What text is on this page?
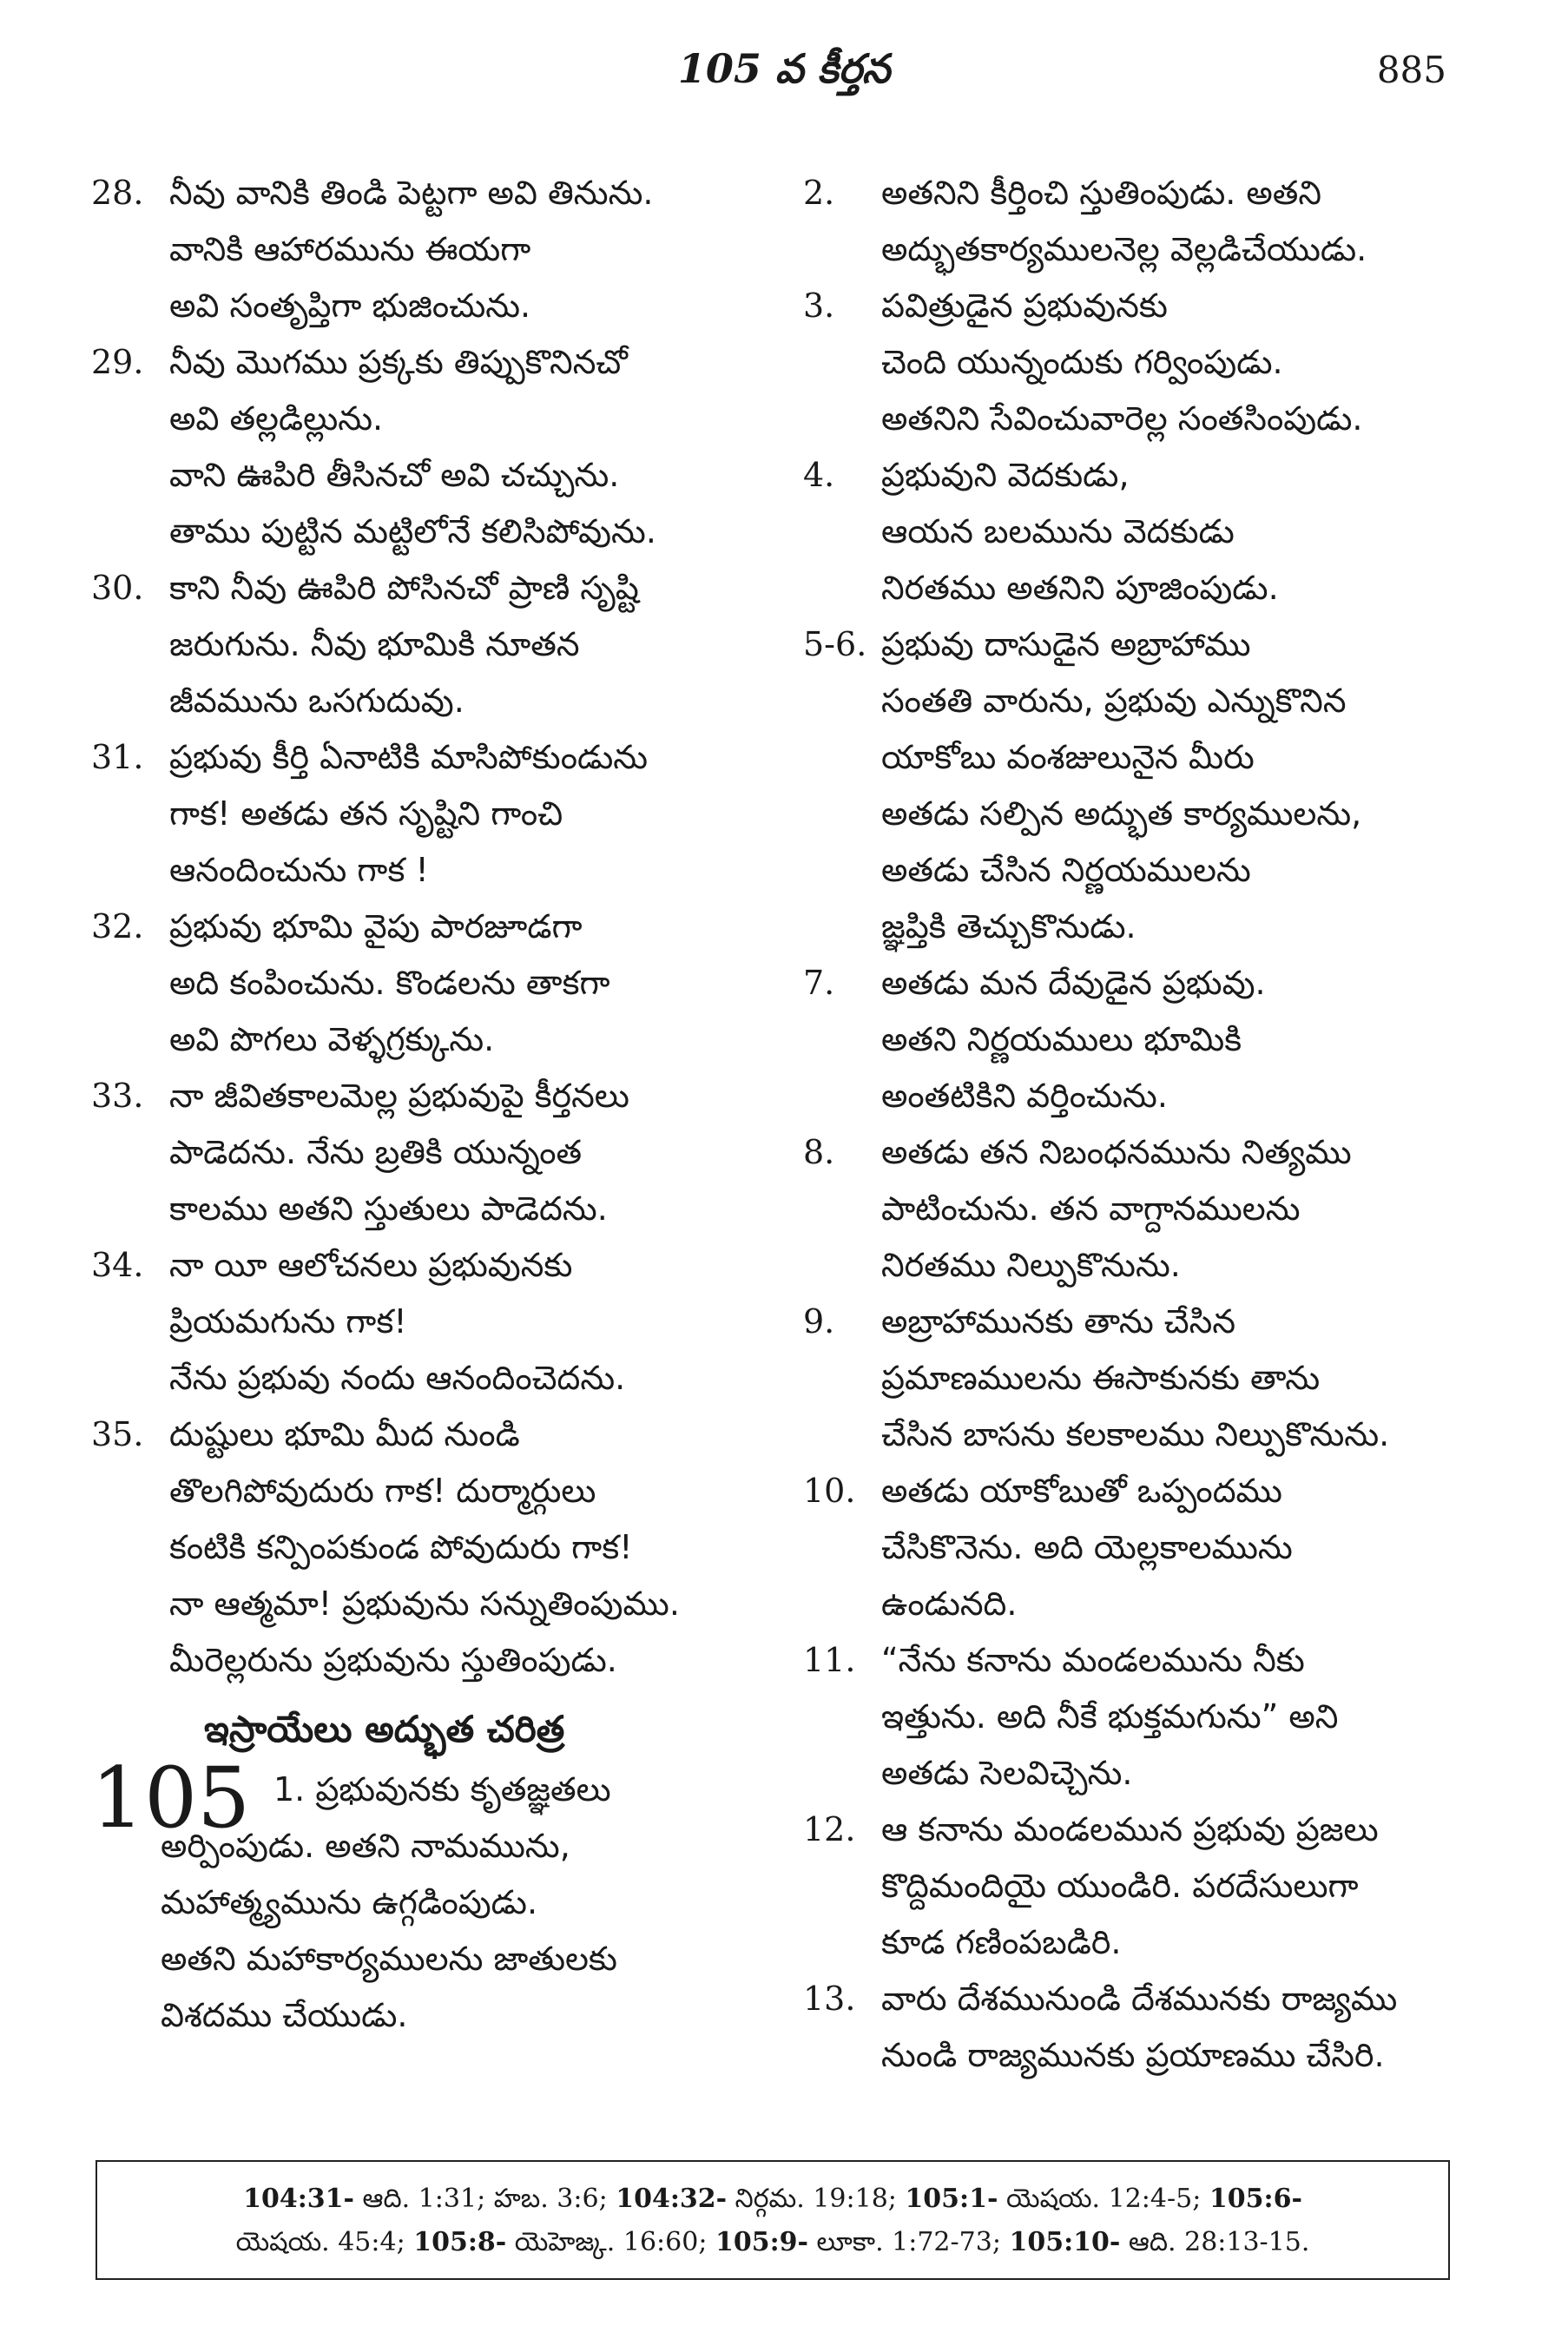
105 వ కీర్తన	885
28. నీవు వానికి తిండి పెట్టగా అవి తినును.
వానికి ఆహారమును ఈయగా
అవి సంతృప్తిగా భుజించును.
29. నీవు మొగము ప్రక్కకు తిప్పుకొనినచో
అవి తల్లడిల్లును.
వాని ఊపిరి తీసినచో అవి చచ్చును.
తాము పుట్టిన మట్టిలోనే కలిసిపోవును.
30. కాని నీవు ఊపిరి పోసినచో ప్రాణి సృష్టి
జరుగును. నీవు భూమికి నూతన
జీవమును ఒసగుదువు.
31. ప్రభువు కీర్తి ఏనాటికి మాసిపోకుండును
గాక! అతడు తన సృష్టిని గాంచి
ఆనందించును గాక !
32. ప్రభువు భూమి వైపు పారజూడగా
అది కంపించును. కొండలను తాకగా
అవి పొగలు వెళ్ళగ్రక్కును.
33. నా జీవితకాలమెల్ల ప్రభువుపై కీర్తనలు
పాడెదను. నేను బ్రతికి యున్నంత
కాలము అతని స్తుతులు పాడెదను.
34. నా యీ ఆలోచనలు ప్రభువునకు
ప్రియమగును గాక!
నేను ప్రభువు నందు ఆనందించెదను.
35. దుష్టులు భూమి మీద నుండి
తొలగిపోవుదురు గాక! దుర్మార్గులు
కంటికి కన్పింపకుండ పోవుదురు గాక!
నా ఆత్మమా! ప్రభువును సన్నుతింపుము.
మీరెల్లరును ప్రభువును స్తుతింపుడు.
ఇస్రాయేలు అద్భుత చరిత్ర
105 1. ప్రభువునకు కృతజ్ఞతలు
అర్పింపుడు. అతని నామమును,
మహాత్మ్యమును ఉగ్గడింపుడు.
అతని మహాకార్యములను జాతులకు
విశదము చేయుడు.
2. అతనిని కీర్తించి స్తుతింపుడు. అతని
అద్భుతకార్యములనెల్ల వెల్లడిచేయుడు.
3. పవిత్రుడైన ప్రభువునకు
చెంది యున్నందుకు గర్వింపుడు.
అతనిని సేవించువారెల్ల సంతసింపుడు.
4. ప్రభువుని వెదకుడు,
ఆయన బలమును వెదకుడు
నిరతము అతనిని పూజింపుడు.
5-6. ప్రభువు దాసుడైన అబ్రాహాము
సంతతి వారును, ప్రభువు ఎన్నుకొనిన
యాకోబు వంశజులునైన మీరు
అతడు సల్పిన అద్భుత కార్యములను,
అతడు చేసిన నిర్ణయములను
జ్ఞప్తికి తెచ్చుకొనుడు.
7. అతడు మన దేవుడైన ప్రభువు.
అతని నిర్ణయములు భూమికి
అంతటికిని వర్తించును.
8. అతడు తన నిబంధనమును నిత్యము
పాటించును. తన వాగ్దానములను
నిరతము నిల్పుకొనును.
9. అబ్రాహామునకు తాను చేసిన
ప్రమాణములను ఈసాకునకు తాను
చేసిన బాసను కలకాలము నిల్పుకొనును.
10. అతడు యాకోబుతో ఒప్పందము
చేసికొనెను. అది యెల్లకాలమును
ఉండునది.
11. “నేను కనాను మండలమును నీకు
ఇత్తును. అది నీకే భుక్తమగును” అని
అతడు సెలవిచ్చెను.
12. ఆ కనాను మండలమున ప్రభువు ప్రజలు
కొద్దిమందియై యుండిరి. పరదేసులుగా
కూడ గణింపబడిరి.
13. వారు దేశమునుండి దేశమునకు రాజ్యము
నుండి రాజ్యమునకు ప్రయాణము చేసిరి.
104:31- ఆది. 1:31; హబ. 3:6; 104:32- నిర్గమ. 19:18; 105:1- యెషయ. 12:4-5; 105:6-
యెషయ. 45:4; 105:8- యెహెజ్క. 16:60; 105:9- లూకా. 1:72-73; 105:10- ఆది. 28:13-15.
